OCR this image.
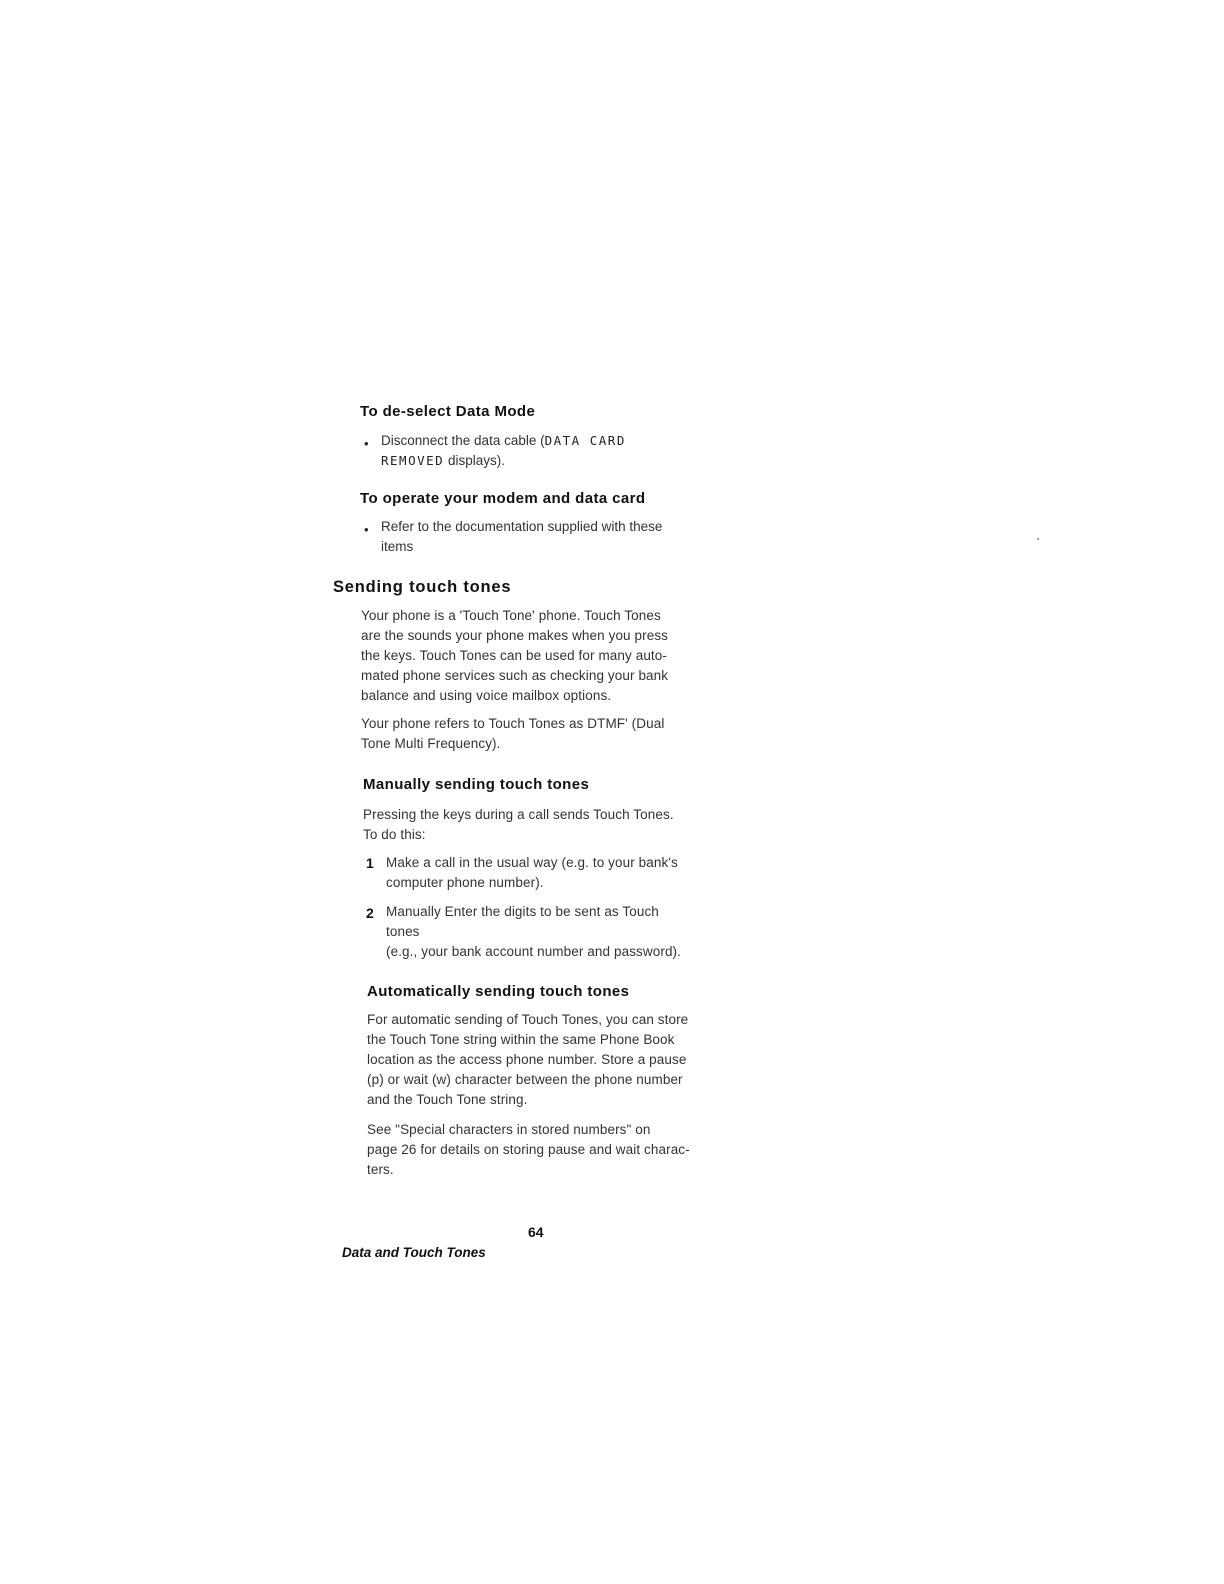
To de-select Data Mode
• Disconnect the data cable (DATA CARD
REMOVED displays).
To operate your modem and data card
• Refer to the documentation supplied with these
items
Sending touch tones
Your phone is a 'Touch Tone' phone. Touch Tones
are the sounds your phone makes when you press
the keys. Touch Tones can be used for many auto-
mated phone services such as checking your bank
balance and using voice mailbox options.
Your phone refers to Touch Tones as DTMF' (Dual
Tone Multi Frequency).
Manually sending touch tones
Pressing the keys during a call sends Touch Tones.
To do this:
1 Make a call in the usual way (e.g. to your bank's
computer phone number).
2 Manually Enter the digits to be sent as Touch
tones
(e.g., your bank account number and password).
Automatically sending touch tones
For automatic sending of Touch Tones, you can store
the Touch Tone string within the same Phone Book
location as the access phone number. Store a pause
(p) or wait (w) character between the phone number
and the Touch Tone string.
See "Special characters in stored numbers" on
page 26 for details on storing pause and wait charac-
ters.
64
Data and Touch Tones
